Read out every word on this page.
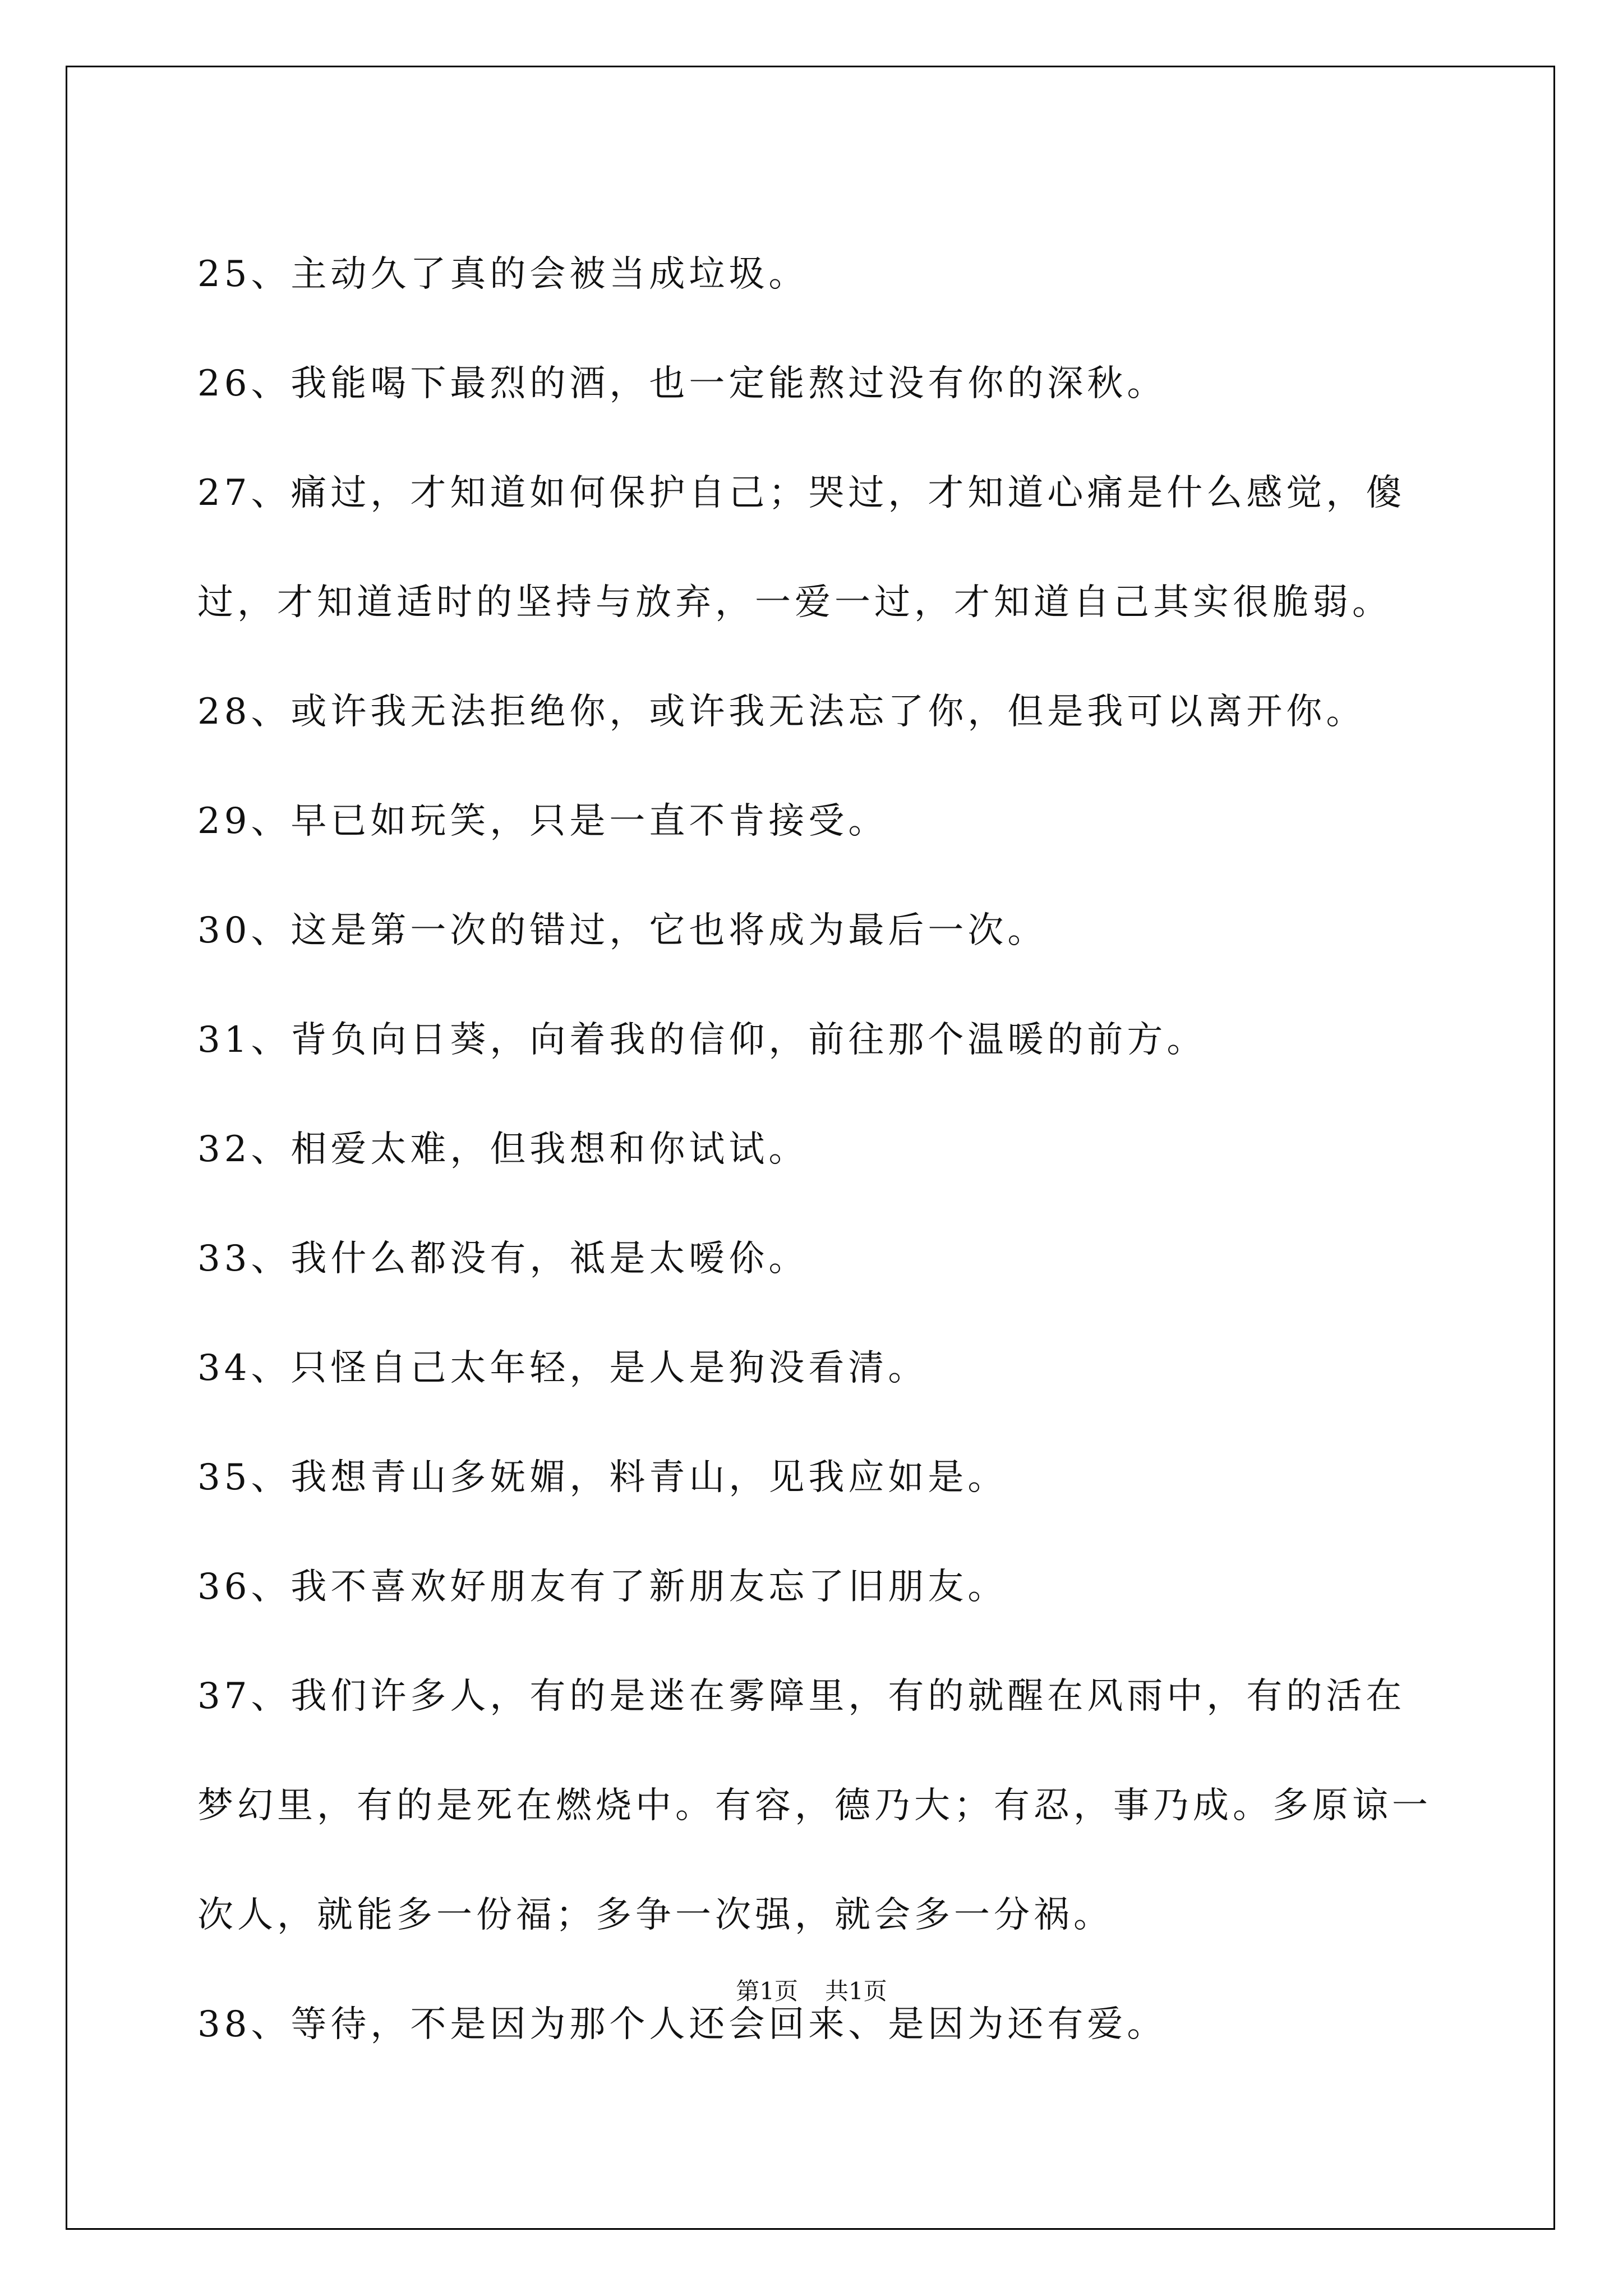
25、主动久了真的会被当成垃圾。

26、我能喝下最烈的酒，也一定能熬过没有你的深秋。

27、痛过，才知道如何保护自己；哭过，才知道心痛是什么感觉，傻过，才知道适时的坚持与放弃，一爱一过，才知道自己其实很脆弱。

28、或许我无法拒绝你，或许我无法忘了你，但是我可以离开你。

29、早已如玩笑，只是一直不肯接受。

30、这是第一次的错过，它也将成为最后一次。

31、背负向日葵，向着我的信仰，前往那个温暖的前方。

32、相爱太难，但我想和你试试。

33、我什么都没有，祗是太嗳伱。

34、只怪自己太年轻，是人是狗没看清。

35、我想青山多妩媚，料青山，见我应如是。

36、我不喜欢好朋友有了新朋友忘了旧朋友。

37、我们许多人，有的是迷在雾障里，有的就醒在风雨中，有的活在梦幻里，有的是死在燃烧中。有容，德乃大；有忍，事乃成。多原谅一次人，就能多一份福；多争一次强，就会多一分祸。

38、等待，不是因为那个人还会回来、是因为还有爱。

第1页 共1页
